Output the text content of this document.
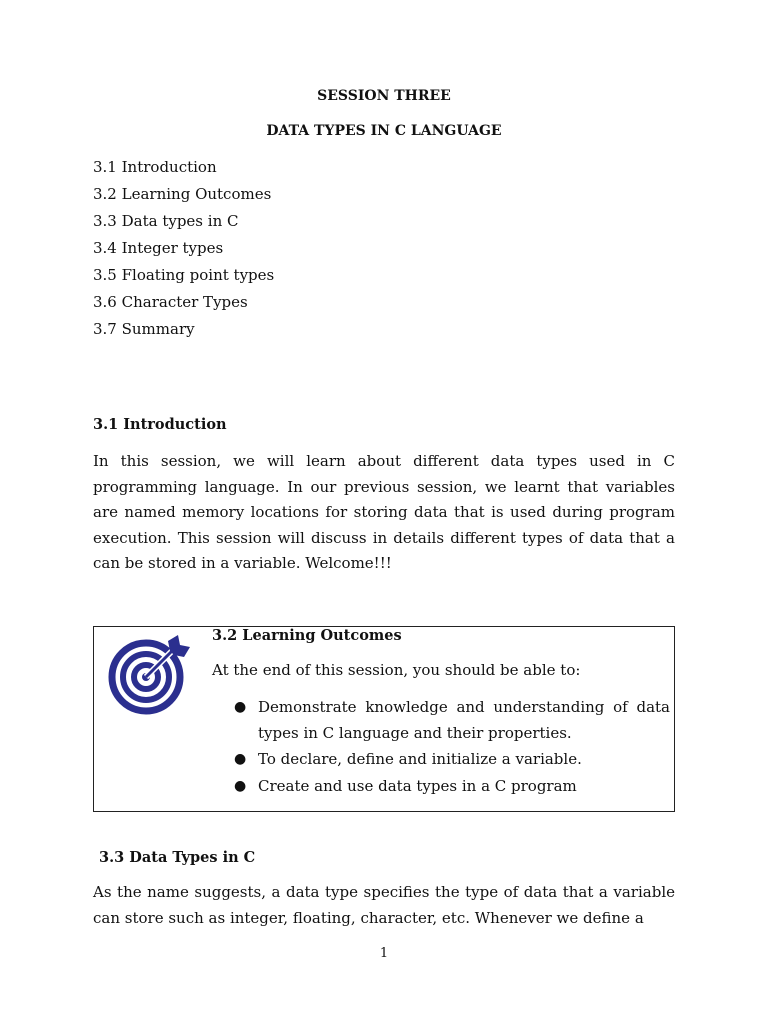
SESSION THREE
DATA TYPES IN C LANGUAGE
3.1 Introduction
3.2 Learning Outcomes
3.3 Data types in C
3.4 Integer types
3.5 Floating point types
3.6 Character Types
3.7 Summary
3.1 Introduction

In this session, we will learn about different data types used in C programming language. In our previous session, we learnt that variables are named memory locations for storing data that is used during program execution. This session will discuss in details different types of data that a can be stored in a variable. Welcome!!!

3.2 Learning Outcomes
At the end of this session, you should be able to:
● Demonstrate knowledge and understanding of data types in C language and their properties.
● To declare, define and initialize a variable.
● Create and use data types in a C program
3.3 Data Types in C

As the name suggests, a data type specifies the type of data that a variable can store such as integer, floating, character, etc. Whenever we define a

1
